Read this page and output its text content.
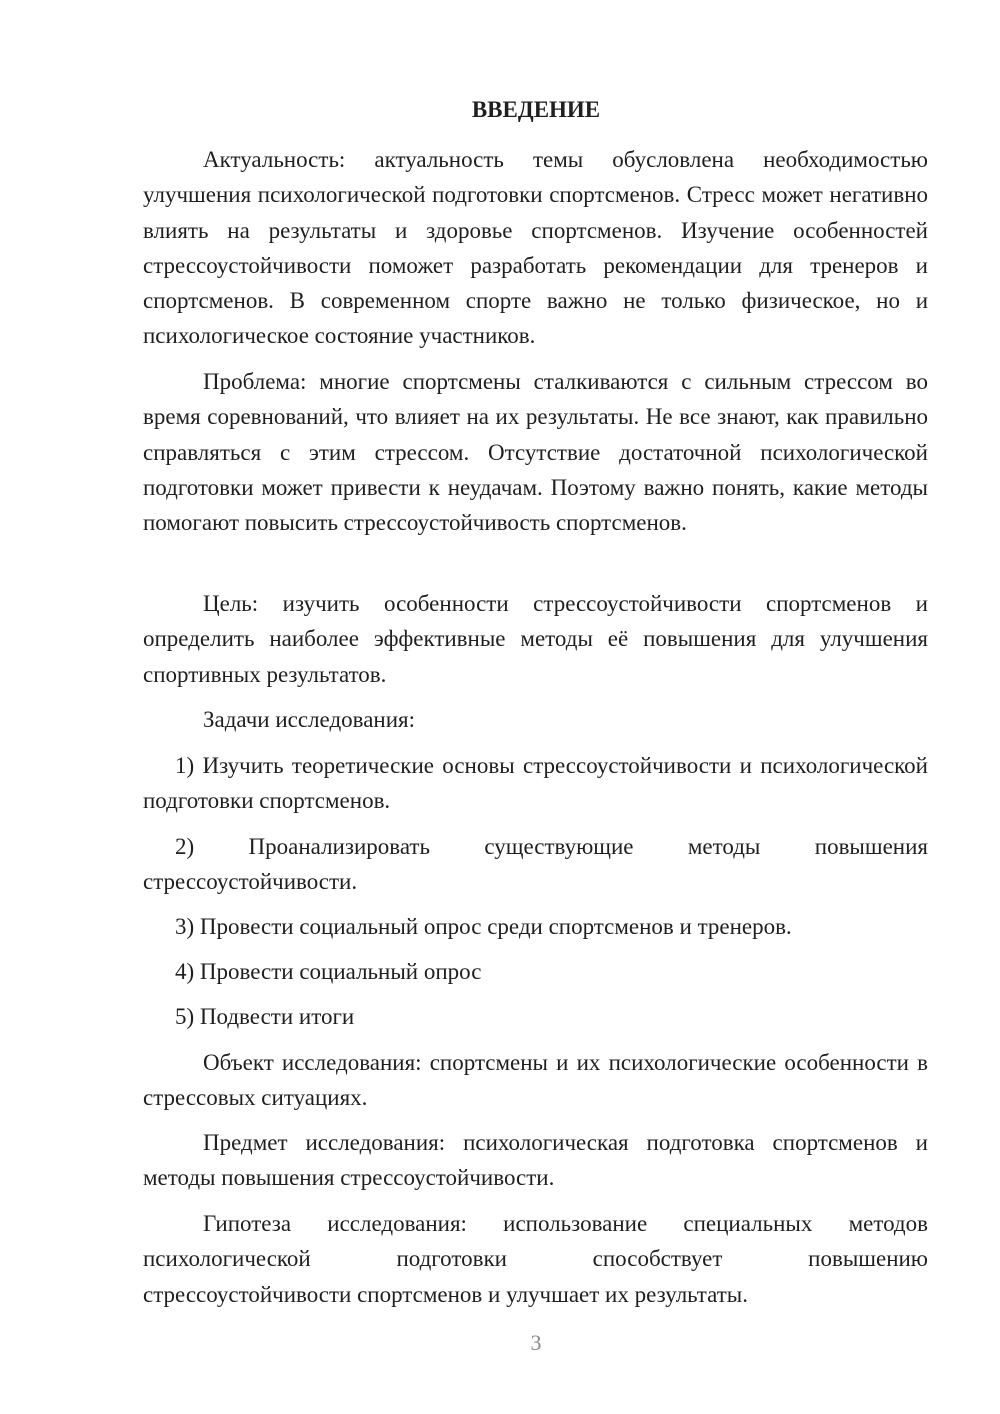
ВВЕДЕНИЕ

Актуальность: актуальность темы обусловлена необходимостью улучшения психологической подготовки спортсменов. Стресс может негативно влиять на результаты и здоровье спортсменов. Изучение особенностей стрессоустойчивости поможет разработать рекомендации для тренеров и спортсменов. В современном спорте важно не только физическое, но и психологическое состояние участников.

Проблема: многие спортсмены сталкиваются с сильным стрессом во время соревнований, что влияет на их результаты. Не все знают, как правильно справляться с этим стрессом. Отсутствие достаточной психологической подготовки может привести к неудачам. Поэтому важно понять, какие методы помогают повысить стрессоустойчивость спортсменов.

Цель: изучить особенности стрессоустойчивости спортсменов и определить наиболее эффективные методы её повышения для улучшения спортивных результатов.

Задачи исследования:

1) Изучить теоретические основы стрессоустойчивости и психологической подготовки спортсменов.

2) Проанализировать существующие методы повышения стрессоустойчивости.

3) Провести социальный опрос среди спортсменов и тренеров.

4) Провести социальный опрос

5) Подвести итоги

Объект исследования: спортсмены и их психологические особенности в стрессовых ситуациях.

Предмет исследования: психологическая подготовка спортсменов и методы повышения стрессоустойчивости.

Гипотеза исследования: использование специальных методов

психологической подготовки способствует повышению

стрессоустойчивости спортсменов и улучшает их результаты.

3
